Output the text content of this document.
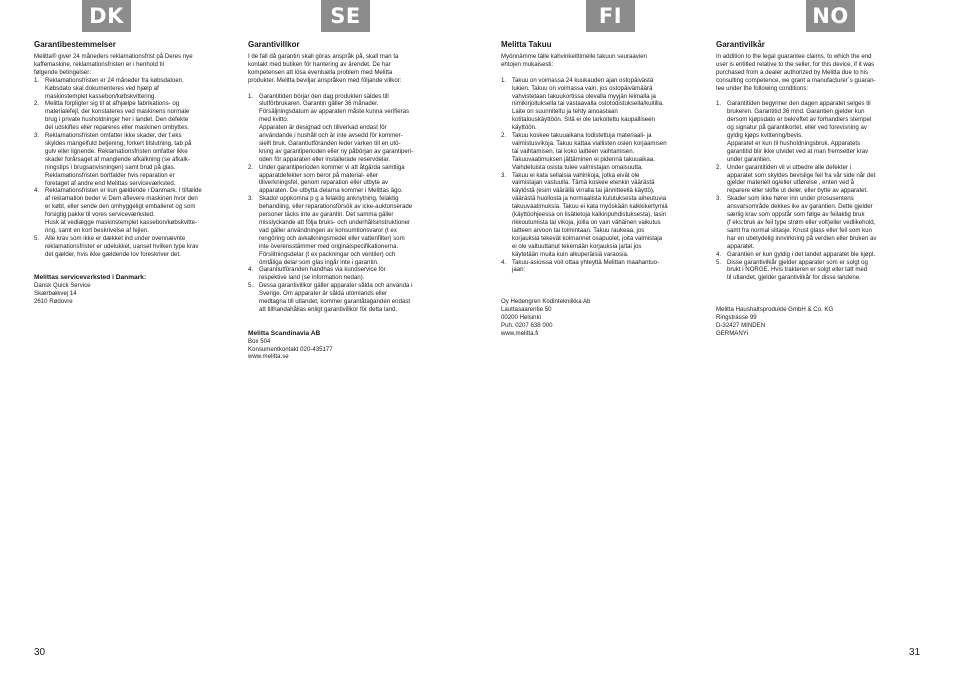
DK	SE	FI	NO
Garantibestemmelser

Melitta® giver 24 måneders reklamationsfrist på Deres nye

kaffemaskine, reklamationsfristen er i henhold til

følgende betingelser:

1. Reklamationsfristen er 24 måneder fra købsdatoen.

Købsdato skal dokumenteres ved hjælp af

maskinstemplet kassebon/købskvittering.

2. Melitta forpligter sig til at afhjælpe fabrikations- og

materialefejl, der konstateres ved maskinens normale

brug i private husholdninger her i landet. Den defekte

del udskiftes eller repareres eller maskinen ombyttes.

3. Reklamationsfristen omfatter ikke skader, der f.eks

skyldes mangelfuld betjening, forkert tilslutning, tab på

gulv eller lignende. Reklamationsfristen omfatter ikke

skader forårsaget af manglende afkalkning (se afkalk-

ningstips i brugsanvisningen) samt brud på glas.

Reklamationsfristen bortfalder hvis reparation er

foretaget af andre end Melittas serviceværksted.

4. Reklamationsfristen er kun gældende i Danmark. I tilfælde

af reklamation beder vi Dem aflevere maskinen hvor den

er købt, eller sende den omhyggeligt emballeret og som

forsigtig pakke til vores serviceværksted.

Husk at vedlægge maskinstemplet kassebon/købskvitte-

ring, samt en kort beskrivelse af fejlen.

5. Alle krav som ikke er dækket ind under ovennævnte

reklamationsfrister er udelukket, uanset hvilken type krav

det gælder, hvis ikke gældende lov foreskriver det.

Melittas servicevƨrksted i Danmark:

Dansk Quick Service

Skærbækvej 14

2610 Rødovre

Garantivillkor

I de fall då garantin skall göras anspråk på, skall man ta

kontakt med butiken för hantering av ärendet. De har

kompetensen att lösa eventuella problem med Melitta

produkter. Melitta beviljar anspråken med följande villkor:

1. Garantitiden börjar den dag produkten säldes till

slutförbrukaren. Garantin gäller 36 månader.

Försäljningsdatum av apparaten måste kunna verifieras

med kvitto.

Apparaten är designad och tillverkad endast för

användande i hushåll och är inte avsedd för kommer-

siellt bruk. Garantiutföranden leder varken till en utö-

kning av garantiperioden eller ny påbörjan av garantiperi-

oden för apparaten eller installerade reservdelar.

2. Under garantiperioden kommer vi att åtgärda samtliga

apparatdefekter som beror på material- eller

tillverkningsfel, genom reparation eller utbyte av

apparaten. De utbytta delarna kommer i Melittas ägo.

3. Skador uppkomna p g a felaktig anknytning, felaktig

behandling, eller reparationsförsök av icke-auktoriserade

personer täcks inte av garantin. Det samma gäller

misslyckande att följa bruks- och underhållsinstruktioner

vad gäller användningen av konsumtionsvaror (t ex

rengöring och avkalkningsmedel eller vattenfilter) som

inte överensstämmer med originalspecifikationerna.

Förslitningsdelar (t ex packningar och ventiler) och

ömtåliga delar som glas ingår inte i garantin.

4. Garantiutföranden handhas via kundservice för

respektive land (se information nedan).

5. Dessa garantivillkor gäller apparater sålda och använda i

Sverige. Om apparater är sålda utomlands eller

medtagna till utlandet, kommer garantåtaganden endast

att tillhandahållas enligt garantivillkor för detta land.

Melitta Scandinavia AB

Box 504

Konsumentkontakt 020-435177

www.melitta.se

Melitta Takuu

Myönnämme tälle kahvinkeittimelle takuun seuraavien

ehtojen mukaisesti:

1. Takuu on voimassa 24 kuukauden ajan ostopäivästä

lukien. Takuu on voimassa vain, jos ostopäivämäärä

vahvistetaan takuukortissa olevalla myyjän leimalla ja

nimikirjoituksella tai vastaavalla ostotodistuksella/kuitilla.

Laite on suunniteltu ja tehty ainoastaan

kotitalouskäyttöön. Sitä ei ole tarkoitettu kaupalliseen

käyttöön.

2. Takuu koskee takuuaikana todistettuja materiaali- ja

valmistusvikoja. Takuu kattaa viallisten osien korjaamisen

tai vaihtamisen, tai koko laitteen vaihtamisen.

Takuuvaatimuksen jättäminen ei pidennä takuuaikaa.

Vaihdetuista osista tulee valmistajan omaisuutta.

3. Takuu ei kata sellaisia vahinkoja, jotka eivät ole

valmistajan vastuulla. Tämä koskee etenkin väärästä

käytöstä (esim väärällä virralla tai jännitteellä käyttö),

väärästä huollosta ja normaalista kulutuksesta aiheutuvia

takuuvaatimuksia. Takuu ei kata myöskään kalkkikertymiä

(käyttöohjeessa on lisätietoja kalkinpuhdistuksesta), lasin

rikkoutumista tai vikoja, joilla on vain vähäinen vaikutus

laitteen arvoon tai toimintaan. Takuu raukeaa, jos

korjauksia tekevät kolmannet osapuolet, joita valmistaja

ei ole valtuuttanut tekemään korjauksia ja/tai jos

käytetään muita kuin alkuperäisiä varaosia.

4. Takuu-asioissa voit ottaa yhteyttä Melittan maahantuo-

jaan:

Oy Hedengren Kodintekniikka Ab

Lauttasaarentie 50

00200 Helsinki

Puh. 0207 638 000

www.melitta.fi

Garantivilkår

In addition to the legal guarantee claims, to which the end

user is entitled relative to the seller, for this device, if it was

purchased from a dealer authorized by Melitta due to his

consulting competence, we grant a manufacturer´s guaran-

tee under the following conditions:

1. Garantitiden begynner den dagen apparatet selges til

brukeren. Garantitid 36 mnd. Garantien gjelder kun

dersom kjøpsdato er bekreftet av forhandlers stempel

og signatur på garantikortet, eller ved forevisning av

gyldig kjøps kvittering/bevis.

Apparatet er kun til husholdningsbruk. Apparatets

garantitid blir ikke utvidet ved at man fremsetter krav

under garantien.

2. Under garantitiden vil vi utbedre alle defekter i

apparatet som skyldes bevislige feil fra vår side når det

gjelder materiell og/eller utførelse , enten ved å

reparere eller skifte ut deler, eller bytte av apparatet.

3. Skader som ikke hører inn under prosusentens

ansvarsområde dekkes ike av garantien. Dette gjelder

særlig krav som oppstår som følge av feilaktig bruk

(f eks:bruk av feil type strøm eller volt)eller vedlikehold,

samt fra normal slitasje. Knust glass eller feil som kun

har en ubetydelig innvirkning på verdien eller bruken av

apparatet.

4. Garantien er kun gyldig i det landet apparatet ble kjøpt.

5. Disse garantivilkår gjelder apparater som er solgt og

brukt i NORGE. Hvis trakteren er solgt eller tatt med

til utlandet, gjelder garantivilkår for disse landene.

Melitta Haushaltsprodukte GmbH & Co. KG

Ringstrasse 99

D-32427 MINDEN

GERMANYi

30	31
